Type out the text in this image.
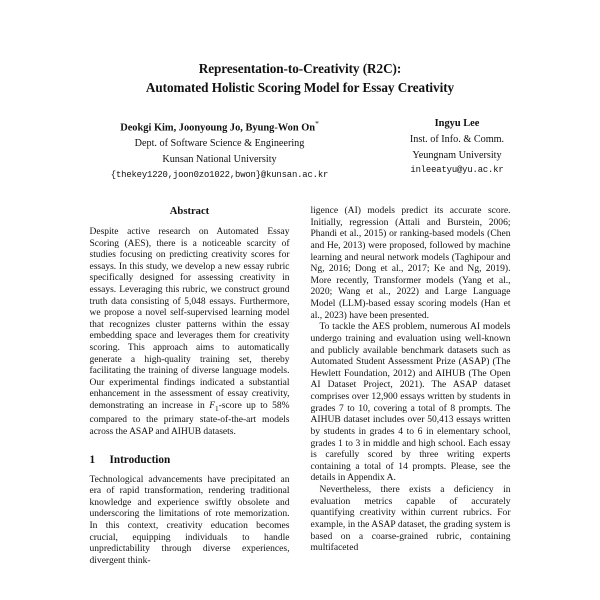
Representation-to-Creativity (R2C):
Automated Holistic Scoring Model for Essay Creativity
Deokgi Kim, Joonyoung Jo, Byung-Won On*
Dept. of Software Science & Engineering
Kunsan National University
{thekey1220,joon0zo1022,bwon}@kunsan.ac.kr
Ingyu Lee
Inst. of Info. & Comm.
Yeungnam University
inleeatyu@yu.ac.kr
Abstract

Despite active research on Automated Essay Scoring (AES), there is a noticeable scarcity of studies focusing on predicting creativity scores for essays. In this study, we develop a new essay rubric specifically designed for assessing creativity in essays. Leveraging this rubric, we construct ground truth data consisting of 5,048 essays. Furthermore, we propose a novel self-supervised learning model that recognizes cluster patterns within the essay embedding space and leverages them for creativity scoring. This approach aims to automatically generate a high-quality training set, thereby facilitating the training of diverse language models. Our experimental findings indicated a substantial enhancement in the assessment of essay creativity, demonstrating an increase in $F_1$-score up to 58% compared to the primary state-of-the-art models across the ASAP and AIHUB datasets.

1	Introduction

Technological advancements have precipitated an era of rapid transformation, rendering traditional knowledge and experience swiftly obsolete and underscoring the limitations of rote memorization. In this context, creativity education becomes crucial, equipping individuals to handle unpredictability through diverse experiences, divergent think-

ligence (AI) models predict its accurate score. Initially, regression (Attali and Burstein, 2006; Phandi et al., 2015) or ranking-based models (Chen and He, 2013) were proposed, followed by machine learning and neural network models (Taghipour and Ng, 2016; Dong et al., 2017; Ke and Ng, 2019). More recently, Transformer models (Yang et al., 2020; Wang et al., 2022) and Large Language Model (LLM)-based essay scoring models (Han et al., 2023) have been presented.

To tackle the AES problem, numerous AI models undergo training and evaluation using well-known and publicly available benchmark datasets such as Automated Student Assessment Prize (ASAP) (The Hewlett Foundation, 2012) and AIHUB (The Open AI Dataset Project, 2021). The ASAP dataset comprises over 12,900 essays written by students in grades 7 to 10, covering a total of 8 prompts. The AIHUB dataset includes over 50,413 essays written by students in grades 4 to 6 in elementary school, grades 1 to 3 in middle and high school. Each essay is carefully scored by three writing experts containing a total of 14 prompts. Please, see the details in Appendix A.

Nevertheless, there exists a deficiency in evaluation metrics capable of accurately quantifying creativity within current rubrics. For example, in the ASAP dataset, the grading system is based on a coarse-grained rubric, containing multifaceted
